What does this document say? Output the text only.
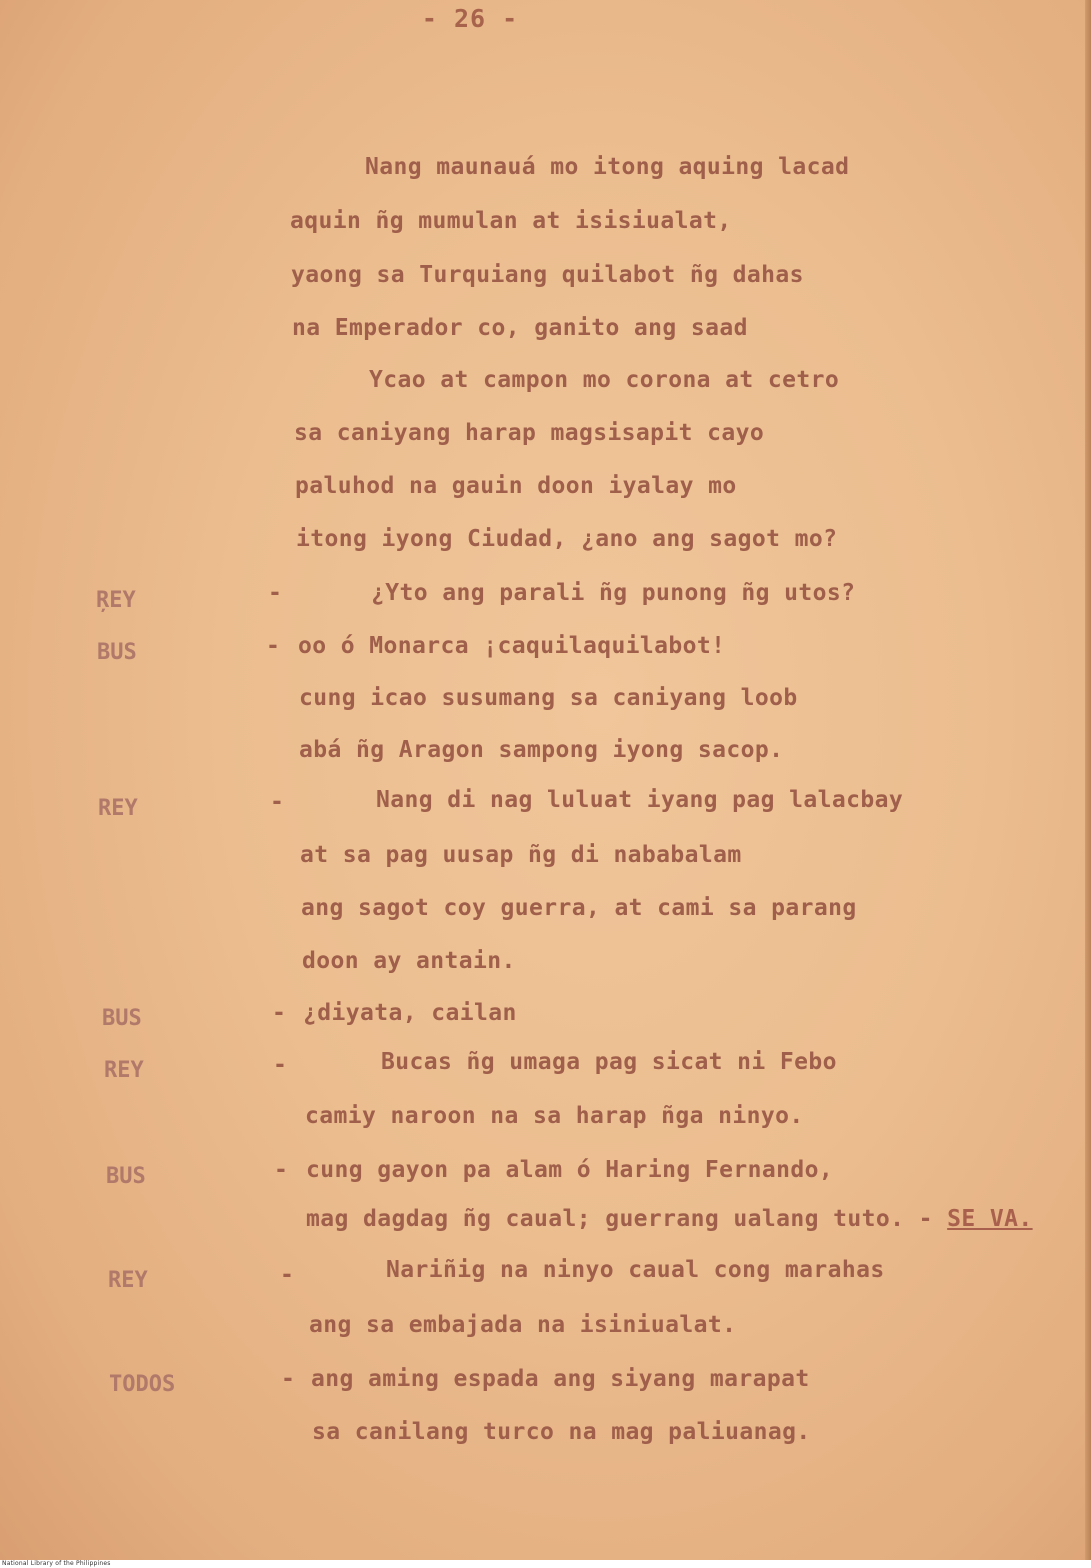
- 26 -
Nang maunauá mo itong aquing lacad
aquin ñg mumulan at isisiualat,
yaong sa Turquiang quilabot ñg dahas
na Emperador co, ganito ang saad
Ycao at campon mo corona at cetro
sa caniyang harap magsisapit cayo
paluhod na gauin doon iyalay mo
itong iyong Ciudad, ¿ano ang sagot mo?
ŖEY	-	¿Yto ang parali ñg punong ñg utos?
BUS	- oo ó Monarca ¡caquilaquilabot!
cung icao susumang sa caniyang loob
abá ñg Aragon sampong iyong sacop.
REY	-	Nang di nag luluat iyang pag lalacbay
at sa pag uusap ñg di nababalam
ang sagot coy guerra, at cami sa parang
doon ay antain.
BUS	- ¿diyata, cailan
REY	-	Bucas ñg umaga pag sicat ni Febo
camiy naroon na sa harap ñga ninyo.
BUS	- cung gayon pa alam ó Haring Fernando,
mag dagdag ñg caual; guerrang ualang tuto. - SE VA.
REY	-	Nariñig na ninyo caual cong marahas
ang sa embajada na isiniualat.
TODOS	- ang aming espada ang siyang marapat
sa canilang turco na mag paliuanag.
National Library of the Philippines
